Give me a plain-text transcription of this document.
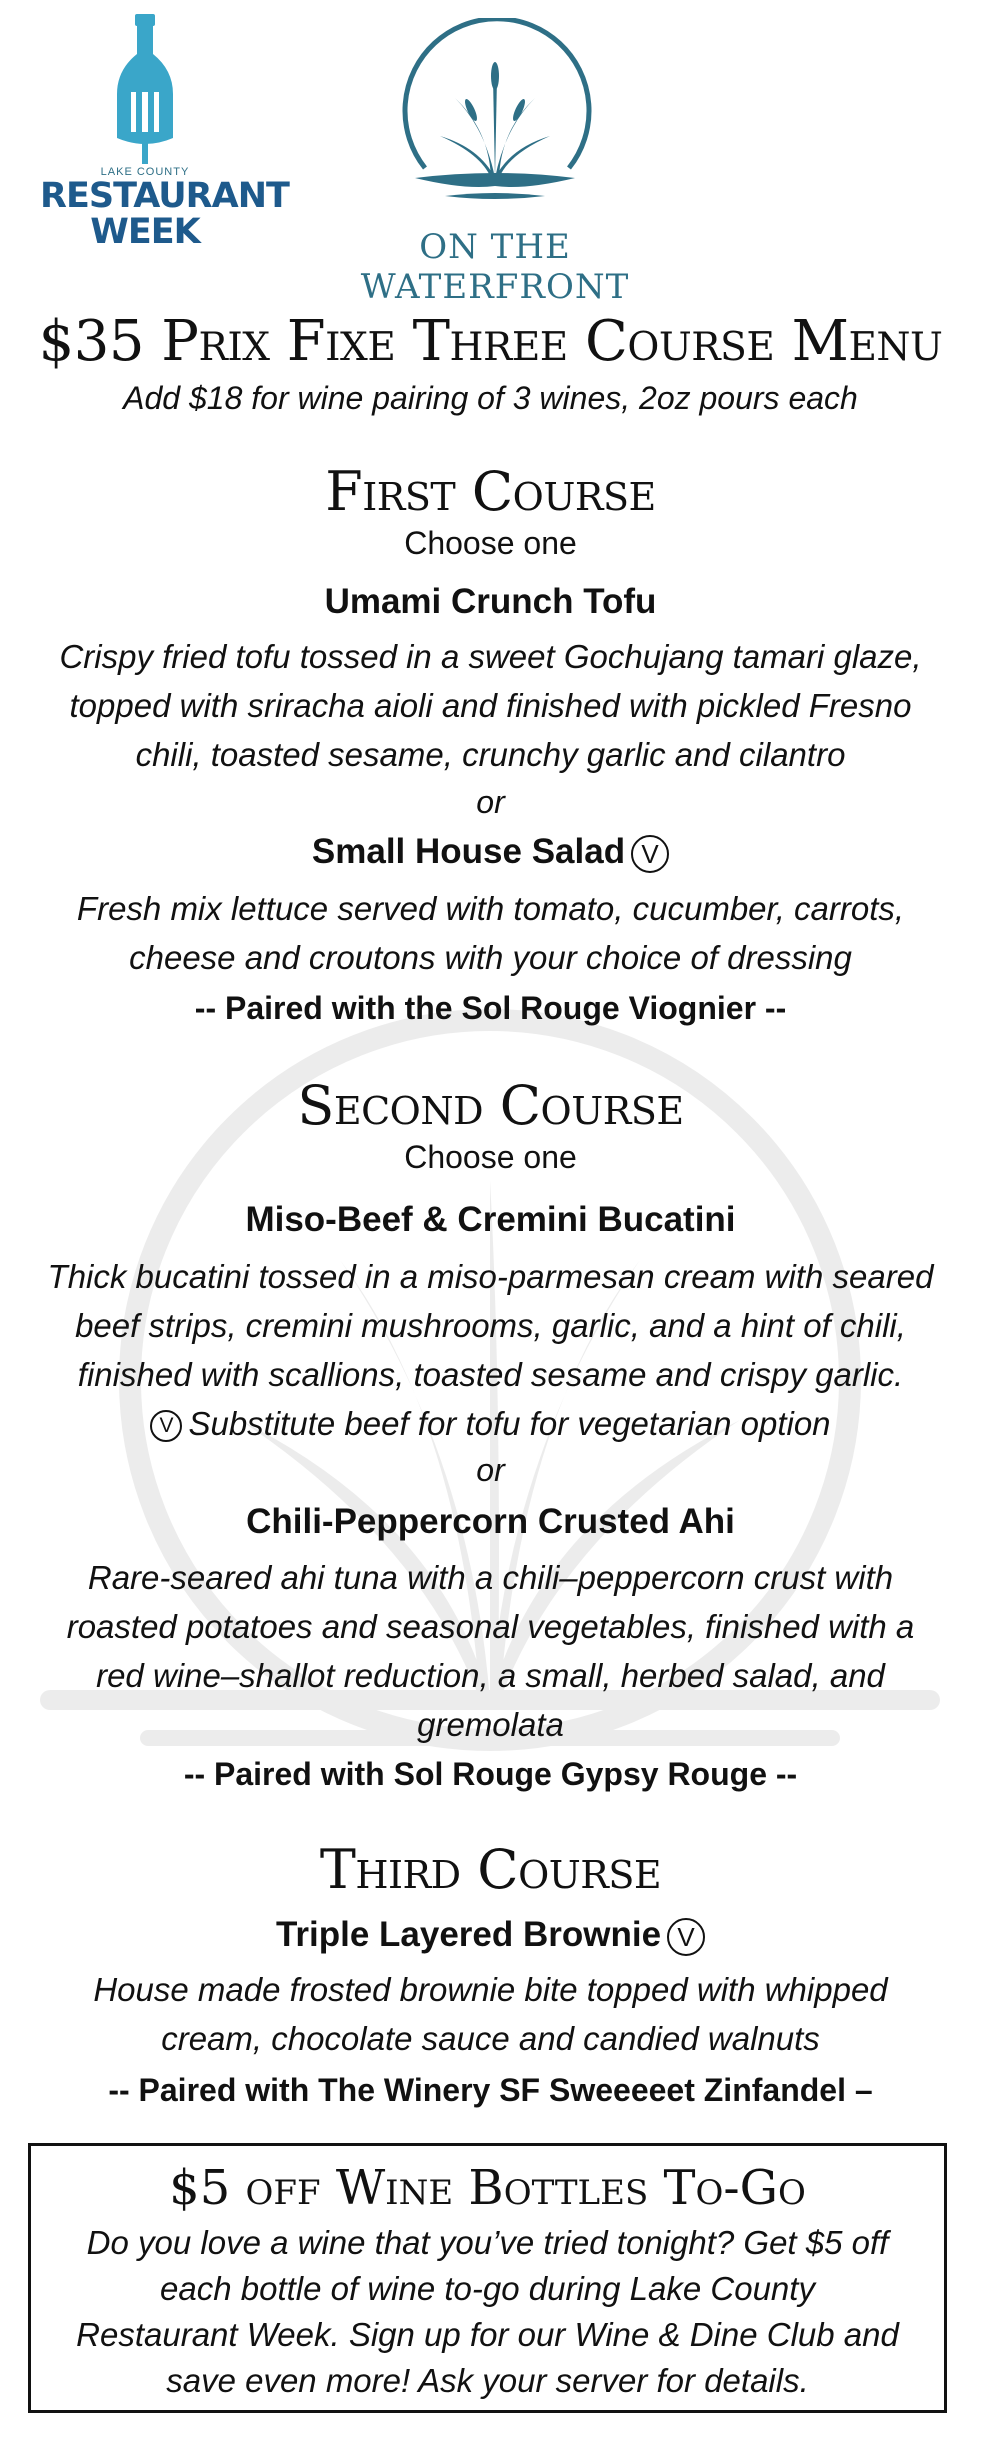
LAKE COUNTY
RESTAURANT
WEEK	ON THE WATERFRONT
$35 Prix Fixe Three Course Menu
Add $18 for wine pairing of 3 wines, 2oz pours each
First Course
Choose one
Umami Crunch Tofu
Crispy fried tofu tossed in a sweet Gochujang tamari glaze,
topped with sriracha aioli and finished with pickled Fresno
chili, toasted sesame, crunchy garlic and cilantro
or
Small House Salad V
Fresh mix lettuce served with tomato, cucumber, carrots,
cheese and croutons with your choice of dressing
-- Paired with the Sol Rouge Viognier --
Second Course
Choose one
Miso-Beef & Cremini Bucatini
Thick bucatini tossed in a miso-parmesan cream with seared
beef strips, cremini mushrooms, garlic, and a hint of chili,
finished with scallions, toasted sesame and crispy garlic.
V Substitute beef for tofu for vegetarian option
or
Chili-Peppercorn Crusted Ahi
Rare-seared ahi tuna with a chili–peppercorn crust with
roasted potatoes and seasonal vegetables, finished with a
red wine–shallot reduction, a small, herbed salad, and
gremolata
-- Paired with Sol Rouge Gypsy Rouge --
Third Course
Triple Layered Brownie V
House made frosted brownie bite topped with whipped
cream, chocolate sauce and candied walnuts
-- Paired with The Winery SF Sweeeeet Zinfandel –
$5 off Wine Bottles To-Go
Do you love a wine that you’ve tried tonight? Get $5 off
each bottle of wine to-go during Lake County
Restaurant Week. Sign up for our Wine & Dine Club and
save even more! Ask your server for details.
